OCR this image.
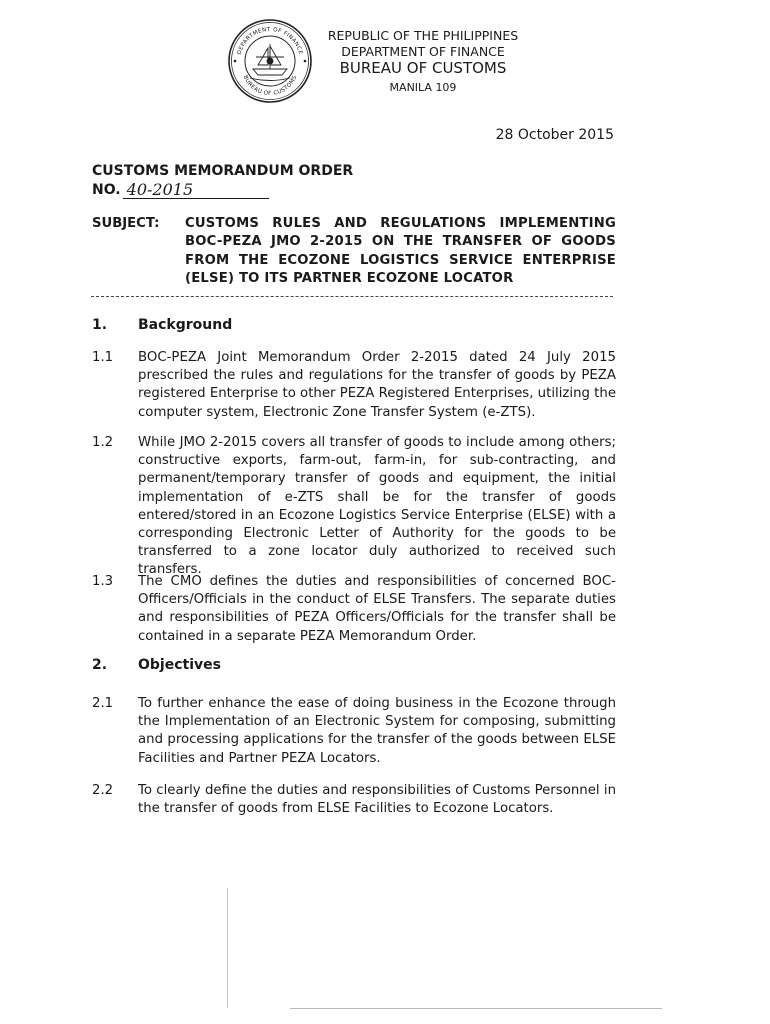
DEPARTMENT OF FINANCE
BUREAU OF CUSTOMS
REPUBLIC OF THE PHILIPPINES
DEPARTMENT OF FINANCE
BUREAU OF CUSTOMS
MANILA 109
28 October 2015
CUSTOMS MEMORANDUM ORDER
NO. 40-2015
SUBJECT: CUSTOMS RULES AND REGULATIONS IMPLEMENTING BOC-PEZA JMO 2-2015 ON THE TRANSFER OF GOODS FROM THE ECOZONE LOGISTICS SERVICE ENTERPRISE (ELSE) TO ITS PARTNER ECOZONE LOCATOR
1. Background
1.1 BOC-PEZA Joint Memorandum Order 2-2015 dated 24 July 2015 prescribed the rules and regulations for the transfer of goods by PEZA registered Enterprise to other PEZA Registered Enterprises, utilizing the computer system, Electronic Zone Transfer System (e-ZTS).
1.2 While JMO 2-2015 covers all transfer of goods to include among others; constructive exports, farm-out, farm-in, for sub-contracting, and permanent/temporary transfer of goods and equipment, the initial implementation of e-ZTS shall be for the transfer of goods entered/stored in an Ecozone Logistics Service Enterprise (ELSE) with a corresponding Electronic Letter of Authority for the goods to be transferred to a zone locator duly authorized to received such transfers.
1.3 The CMO defines the duties and responsibilities of concerned BOC-Officers/Officials in the conduct of ELSE Transfers. The separate duties and responsibilities of PEZA Officers/Officials for the transfer shall be contained in a separate PEZA Memorandum Order.
2. Objectives
2.1 To further enhance the ease of doing business in the Ecozone through the Implementation of an Electronic System for composing, submitting and processing applications for the transfer of the goods between ELSE Facilities and Partner PEZA Locators.
2.2 To clearly define the duties and responsibilities of Customs Personnel in the transfer of goods from ELSE Facilities to Ecozone Locators.
